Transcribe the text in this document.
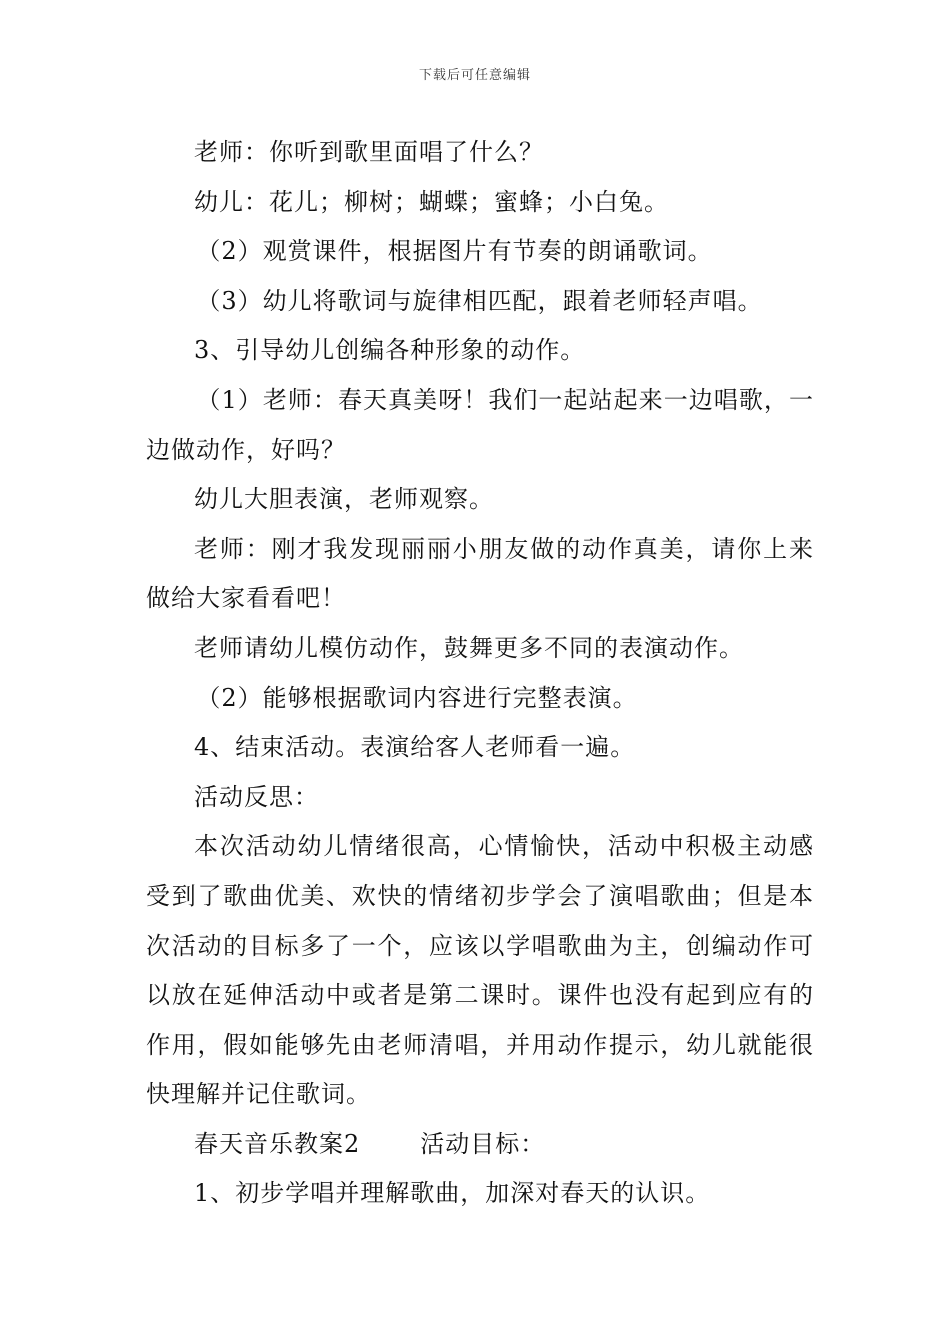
下载后可任意编辑

老师：你听到歌里面唱了什么？

幼儿：花儿；柳树；蝴蝶；蜜蜂；小白兔。

（2）观赏课件，根据图片有节奏的朗诵歌词。

（3）幼儿将歌词与旋律相匹配，跟着老师轻声唱。

3、引导幼儿创编各种形象的动作。

（1）老师：春天真美呀！我们一起站起来一边唱歌，一边做动作，好吗？

幼儿大胆表演，老师观察。

老师：刚才我发现丽丽小朋友做的动作真美，请你上来做给大家看看吧！

老师请幼儿模仿动作，鼓舞更多不同的表演动作。

（2）能够根据歌词内容进行完整表演。

4、结束活动。表演给客人老师看一遍。

活动反思：

本次活动幼儿情绪很高，心情愉快，活动中积极主动感受到了歌曲优美、欢快的情绪初步学会了演唱歌曲；但是本次活动的目标多了一个，应该以学唱歌曲为主，创编动作可以放在延伸活动中或者是第二课时。课件也没有起到应有的作用，假如能够先由老师清唱，并用动作提示，幼儿就能很快理解并记住歌词。

春天音乐教案2	活动目标：

1、初步学唱并理解歌曲，加深对春天的认识。
